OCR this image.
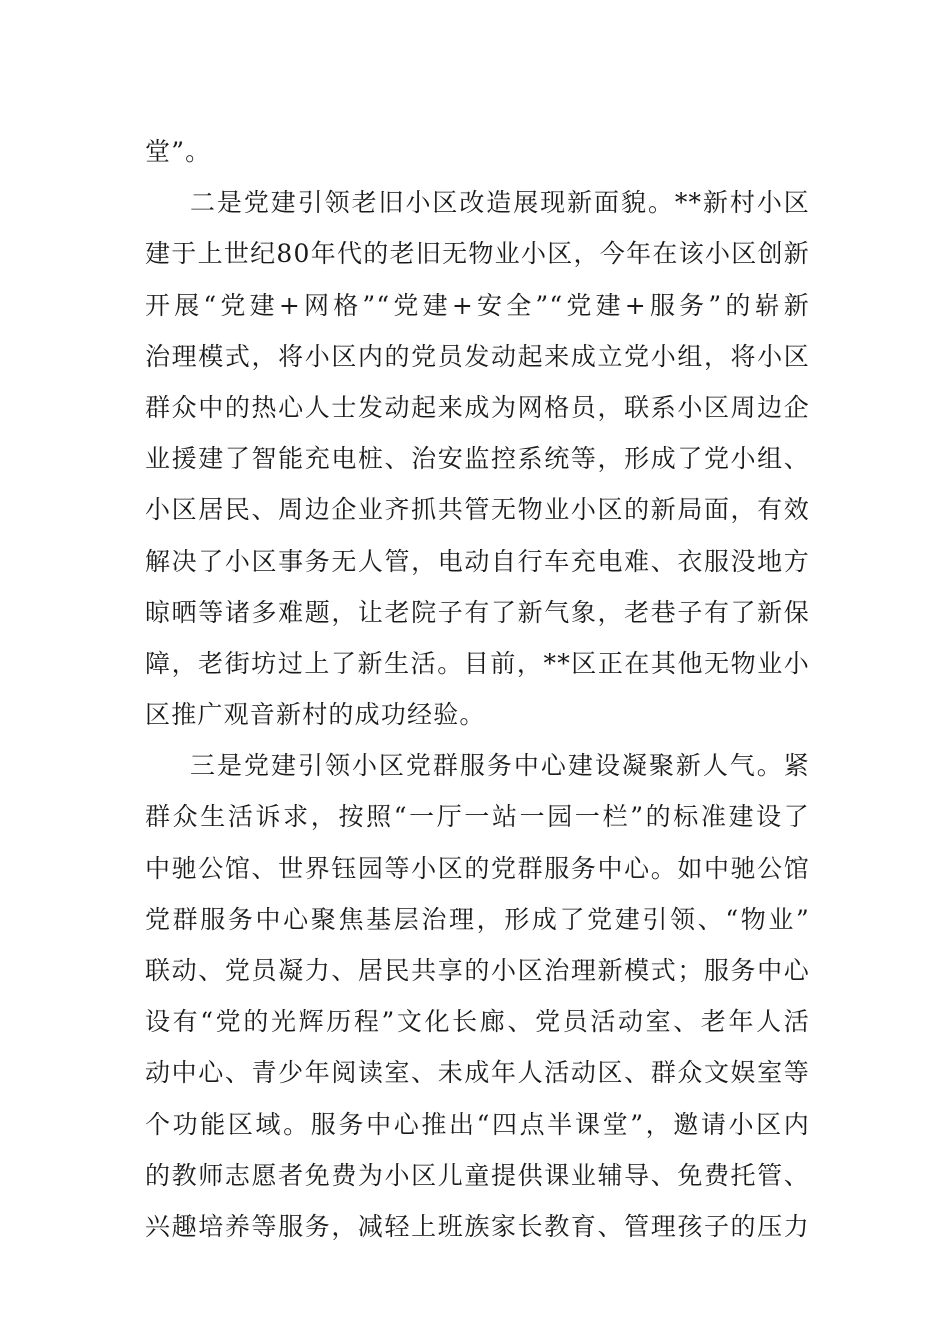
堂”。
二是党建引领老旧小区改造展现新面貌。**新村小区
建于上世纪80年代的老旧无物业小区，今年在该小区创新
开展“党建+网格”“党建+安全”“党建+服务”的崭新
治理模式，将小区内的党员发动起来成立党小组，将小区
群众中的热心人士发动起来成为网格员，联系小区周边企
业援建了智能充电桩、治安监控系统等，形成了党小组、
小区居民、周边企业齐抓共管无物业小区的新局面，有效
解决了小区事务无人管，电动自行车充电难、衣服没地方
晾晒等诸多难题，让老院子有了新气象，老巷子有了新保
障，老街坊过上了新生活。目前，**区正在其他无物业小
区推广观音新村的成功经验。
三是党建引领小区党群服务中心建设凝聚新人气。紧
群众生活诉求，按照“一厅一站一园一栏”的标准建设了
中驰公馆、世界钰园等小区的党群服务中心。如中驰公馆
党群服务中心聚焦基层治理，形成了党建引领、“物业”
联动、党员凝力、居民共享的小区治理新模式；服务中心
设有“党的光辉历程”文化长廊、党员活动室、老年人活
动中心、青少年阅读室、未成年人活动区、群众文娱室等
个功能区域。服务中心推出“四点半课堂”，邀请小区内
的教师志愿者免费为小区儿童提供课业辅导、免费托管、
兴趣培养等服务，减轻上班族家长教育、管理孩子的压力
